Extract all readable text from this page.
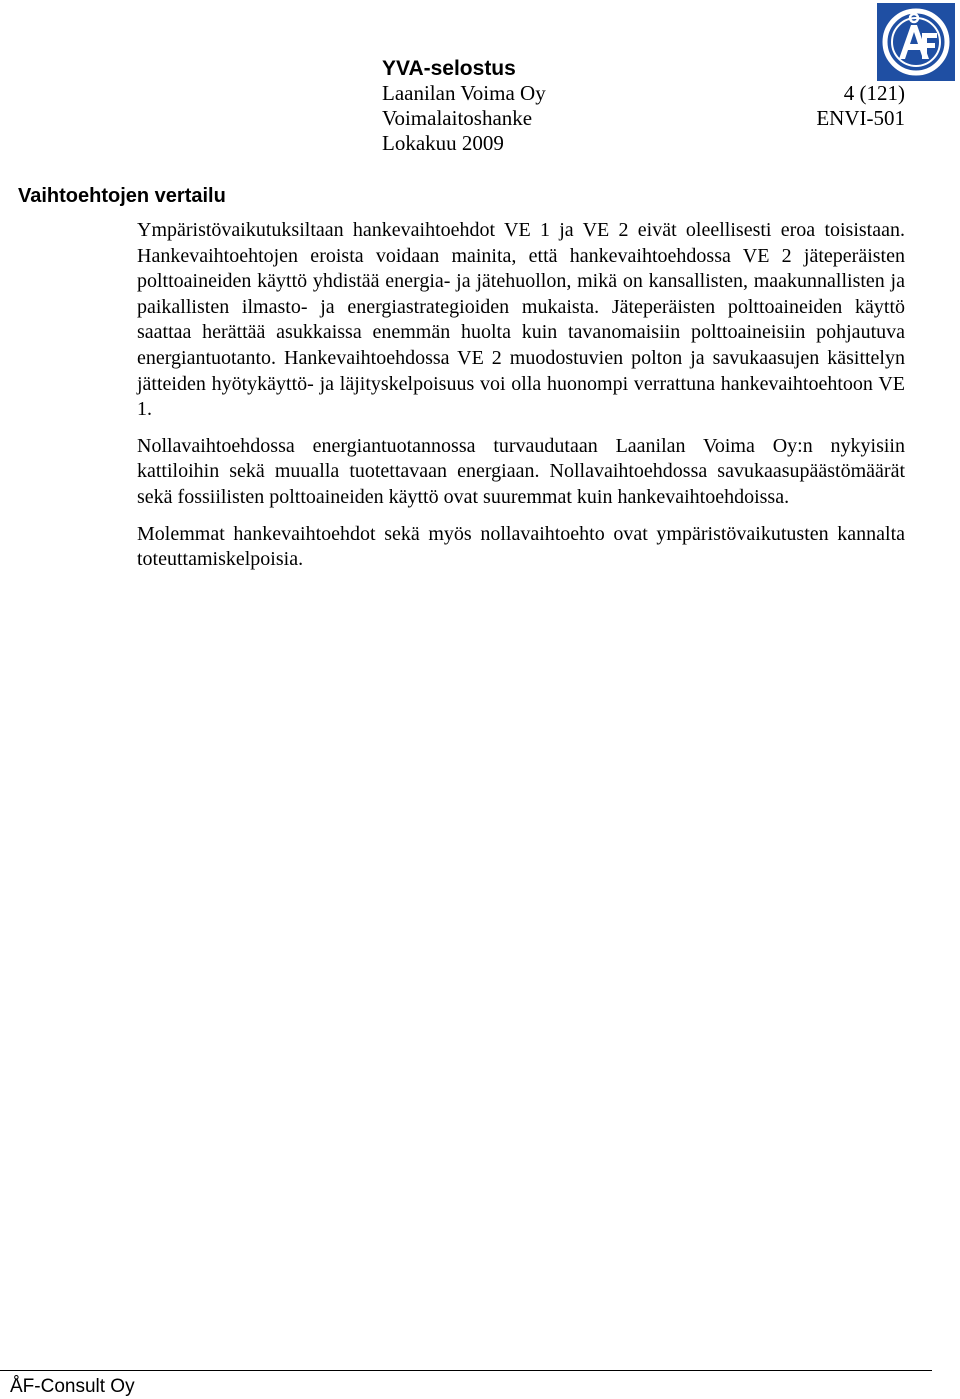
YVA-selostus
Laanilan Voima Oy	4 (121)
Voimalaitoshanke	ENVI-501
Lokakuu 2009
Vaihtoehtojen vertailu

Ympäristövaikutuksiltaan hankevaihtoehdot VE 1 ja VE 2 eivät oleellisesti eroa toisistaan. Hankevaihtoehtojen eroista voidaan mainita, että hankevaihtoehdossa VE 2 jäteperäisten polttoaineiden käyttö yhdistää energia- ja jätehuollon, mikä on kansallisten, maakunnallisten ja paikallisten ilmasto- ja energiastrategioiden mukaista. Jäteperäisten polttoaineiden käyttö saattaa herättää asukkaissa enemmän huolta kuin tavanomaisiin polttoaineisiin pohjautuva energiantuotanto. Hankevaihtoehdossa VE 2 muodostuvien polton ja savukaasujen käsittelyn jätteiden hyötykäyttö- ja läjityskelpoisuus voi olla huonompi verrattuna hankevaihtoehtoon VE 1.

Nollavaihtoehdossa energiantuotannossa turvaudutaan Laanilan Voima Oy:n nykyisiin kattiloihin sekä muualla tuotettavaan energiaan. Nollavaihtoehdossa savukaasupäästömäärät sekä fossiilisten polttoaineiden käyttö ovat suuremmat kuin hankevaihtoehdoissa.

Molemmat hankevaihtoehdot sekä myös nollavaihtoehto ovat ympäristövaikutusten kannalta toteuttamiskelpoisia.

ÅF-Consult Oy
